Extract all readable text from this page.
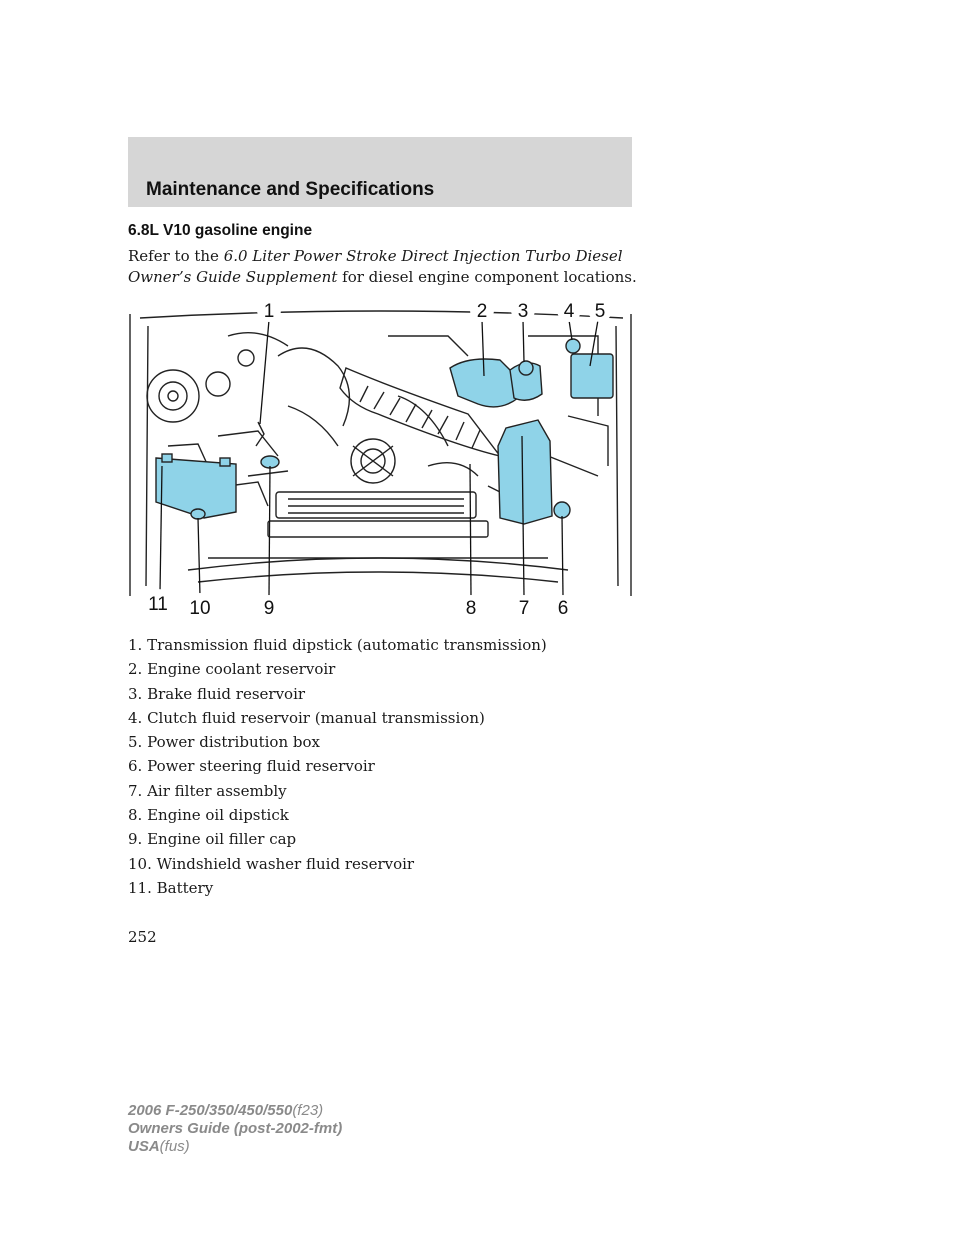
Maintenance and Specifications
6.8L V10 gasoline engine

Refer to the 6.0 Liter Power Stroke Direct Injection Turbo Diesel Owner’s Guide Supplement for diesel engine component locations.

1	2 3 4 5
6
7
8
9
10
11
1. Transmission fluid dipstick (automatic transmission)
2. Engine coolant reservoir
3. Brake fluid reservoir
4. Clutch fluid reservoir (manual transmission)
5. Power distribution box
6. Power steering fluid reservoir
7. Air filter assembly
8. Engine oil dipstick
9. Engine oil filler cap
10. Windshield washer fluid reservoir
11. Battery

252

2006 F-250/350/450/550(f23)
Owners Guide (post-2002-fmt)
USA(fus)
